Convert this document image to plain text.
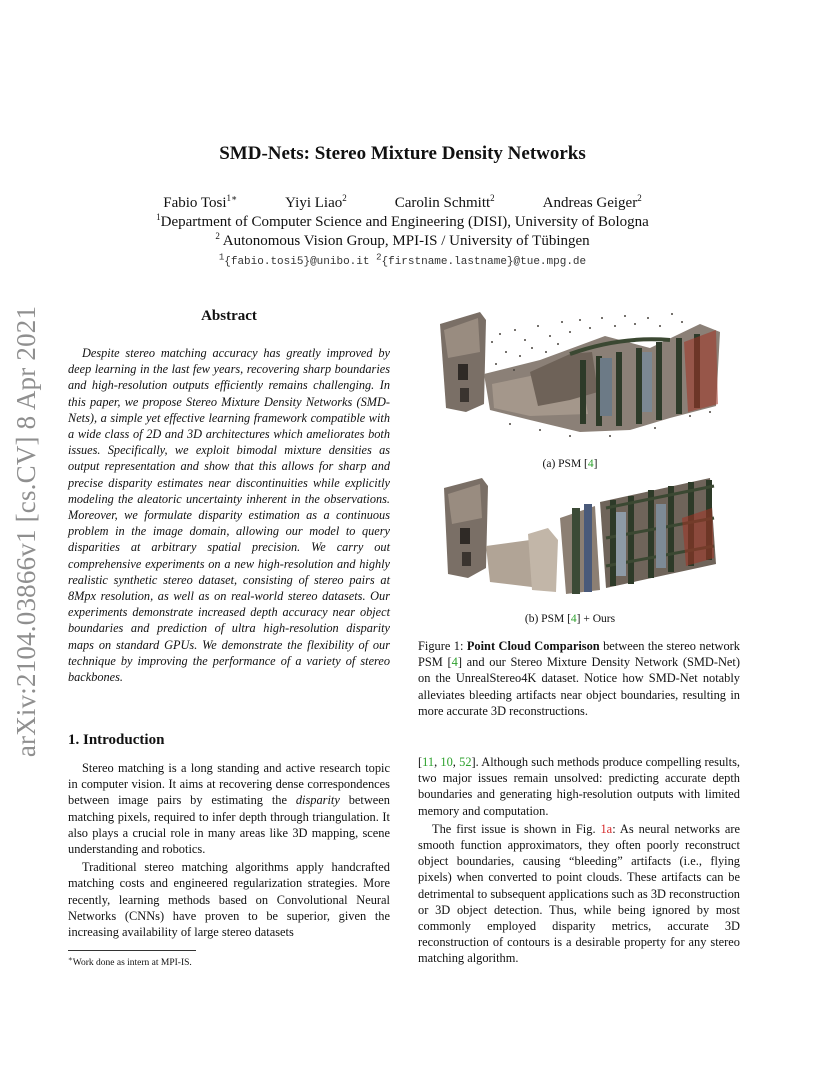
arXiv:2104.03866v1 [cs.CV] 8 Apr 2021
SMD-Nets: Stereo Mixture Density Networks
Fabio Tosi$^{1∗}$	Yiyi Liao$^2$	Carolin Schmitt$^2$	Andreas Geiger$^2$
$^1$Department of Computer Science and Engineering (DISI), University of Bologna
$^2$ Autonomous Vision Group, MPI-IS / University of Tübingen
$^1${fabio.tosi5}@unibo.it $^2${firstname.lastname}@tue.mpg.de
Abstract
Despite stereo matching accuracy has greatly improved by deep learning in the last few years, recovering sharp boundaries and high-resolution outputs efficiently remains challenging. In this paper, we propose Stereo Mixture Density Networks (SMD-Nets), a simple yet effective learning framework compatible with a wide class of 2D and 3D architectures which ameliorates both issues. Specifically, we exploit bimodal mixture densities as output representation and show that this allows for sharp and precise disparity estimates near discontinuities while explicitly modeling the aleatoric uncertainty inherent in the observations. Moreover, we formulate disparity estimation as a continuous problem in the image domain, allowing our model to query disparities at arbitrary spatial precision. We carry out comprehensive experiments on a new high-resolution and highly realistic synthetic stereo dataset, consisting of stereo pairs at 8Mpx resolution, as well as on real-world stereo datasets. Our experiments demonstrate increased depth accuracy near object boundaries and prediction of ultra high-resolution disparity maps on standard GPUs. We demonstrate the flexibility of our technique by improving the performance of a variety of stereo backbones.
1. Introduction

Stereo matching is a long standing and active research topic in computer vision. It aims at recovering dense correspondences between image pairs by estimating the disparity between matching pixels, required to infer depth through triangulation. It also plays a crucial role in many areas like 3D mapping, scene understanding and robotics.

Traditional stereo matching algorithms apply handcrafted matching costs and engineered regularization strategies. More recently, learning methods based on Convolutional Neural Networks (CNNs) have proven to be superior, given the increasing availability of large stereo datasets

∗Work done as intern at MPI-IS.
(a) PSM [4]
(b) PSM [4] + Ours
Figure 1: Point Cloud Comparison between the stereo network PSM [4] and our Stereo Mixture Density Network (SMD-Net) on the UnrealStereo4K dataset. Notice how SMD-Net notably alleviates bleeding artifacts near object boundaries, resulting in more accurate 3D reconstructions.

[11, 10, 52]. Although such methods produce compelling results, two major issues remain unsolved: predicting accurate depth boundaries and generating high-resolution outputs with limited memory and computation.

The first issue is shown in Fig. 1a: As neural networks are smooth function approximators, they often poorly reconstruct object boundaries, causing “bleeding” artifacts (i.e., flying pixels) when converted to point clouds. These artifacts can be detrimental to subsequent applications such as 3D reconstruction or 3D object detection. Thus, while being ignored by most commonly employed disparity metrics, accurate 3D reconstruction of contours is a desirable property for any stereo matching algorithm.
